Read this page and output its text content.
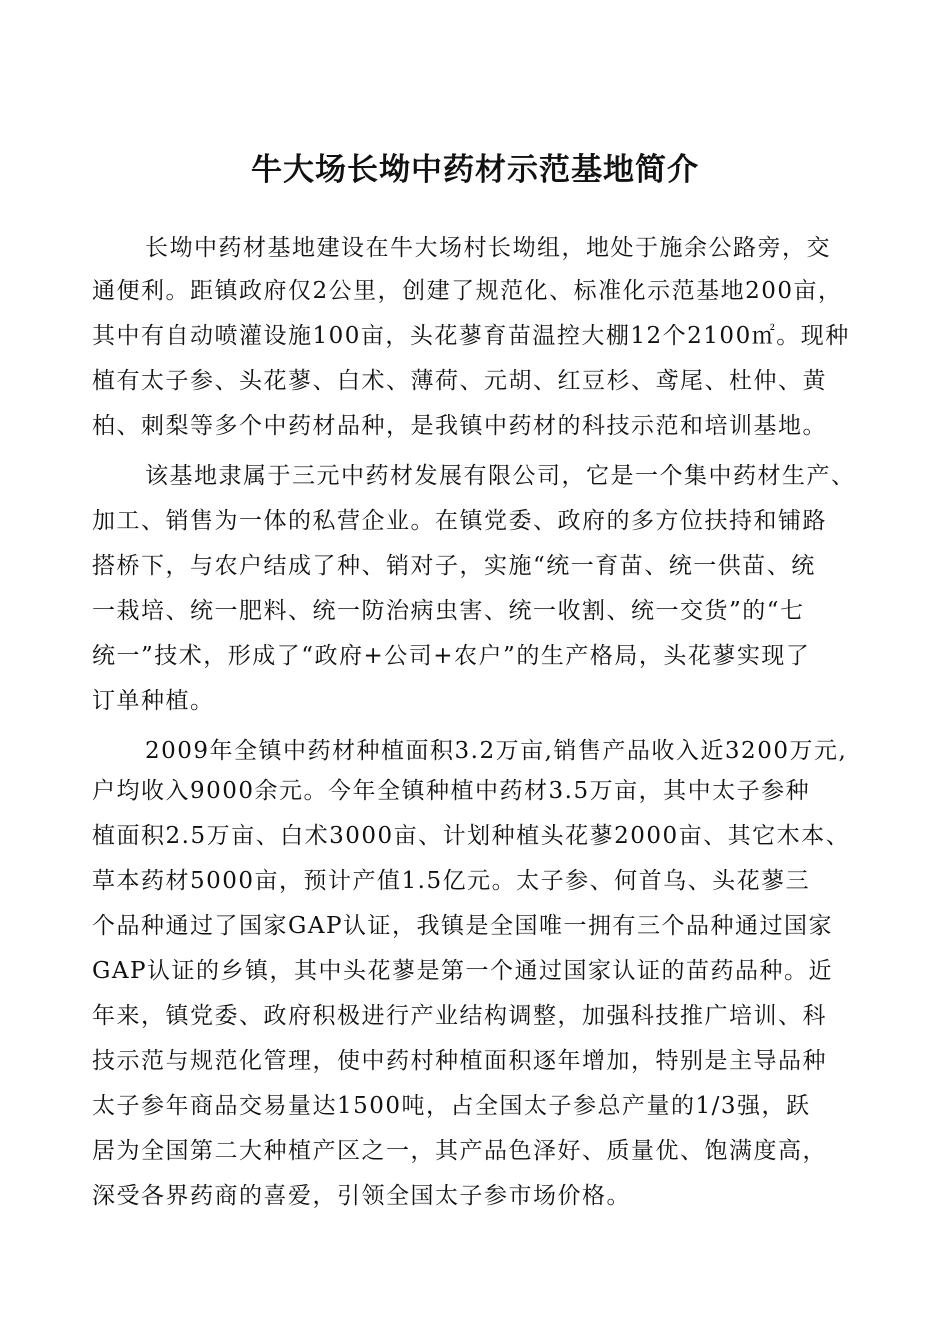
牛大场长坳中药材示范基地简介
长坳中药材基地建设在牛大场村长坳组，地处于施余公路旁，交
通便利。距镇政府仅2公里，创建了规范化、标准化示范基地200亩，
其中有自动喷灌设施100亩，头花蓼育苗温控大棚12个2100㎡。现种
植有太子参、头花蓼、白术、薄荷、元胡、红豆杉、鸢尾、杜仲、黄
柏、刺梨等多个中药材品种，是我镇中药材的科技示范和培训基地。
该基地隶属于三元中药材发展有限公司，它是一个集中药材生产、
加工、销售为一体的私营企业。在镇党委、政府的多方位扶持和铺路
搭桥下，与农户结成了种、销对子，实施“统一育苗、统一供苗、统
一栽培、统一肥料、统一防治病虫害、统一收割、统一交货”的“七
统一”技术，形成了“政府+公司+农户”的生产格局，头花蓼实现了
订单种植。
2009年全镇中药材种植面积3.2万亩,销售产品收入近3200万元,
户均收入9000余元。今年全镇种植中药材3.5万亩，其中太子参种
植面积2.5万亩、白术3000亩、计划种植头花蓼2000亩、其它木本、
草本药材5000亩，预计产值1.5亿元。太子参、何首乌、头花蓼三
个品种通过了国家GAP认证，我镇是全国唯一拥有三个品种通过国家
GAP认证的乡镇，其中头花蓼是第一个通过国家认证的苗药品种。近
年来，镇党委、政府积极进行产业结构调整，加强科技推广培训、科
技示范与规范化管理，使中药村种植面积逐年增加，特别是主导品种
太子参年商品交易量达1500吨，占全国太子参总产量的1/3强，跃
居为全国第二大种植产区之一，其产品色泽好、质量优、饱满度高，
深受各界药商的喜爱，引领全国太子参市场价格。
